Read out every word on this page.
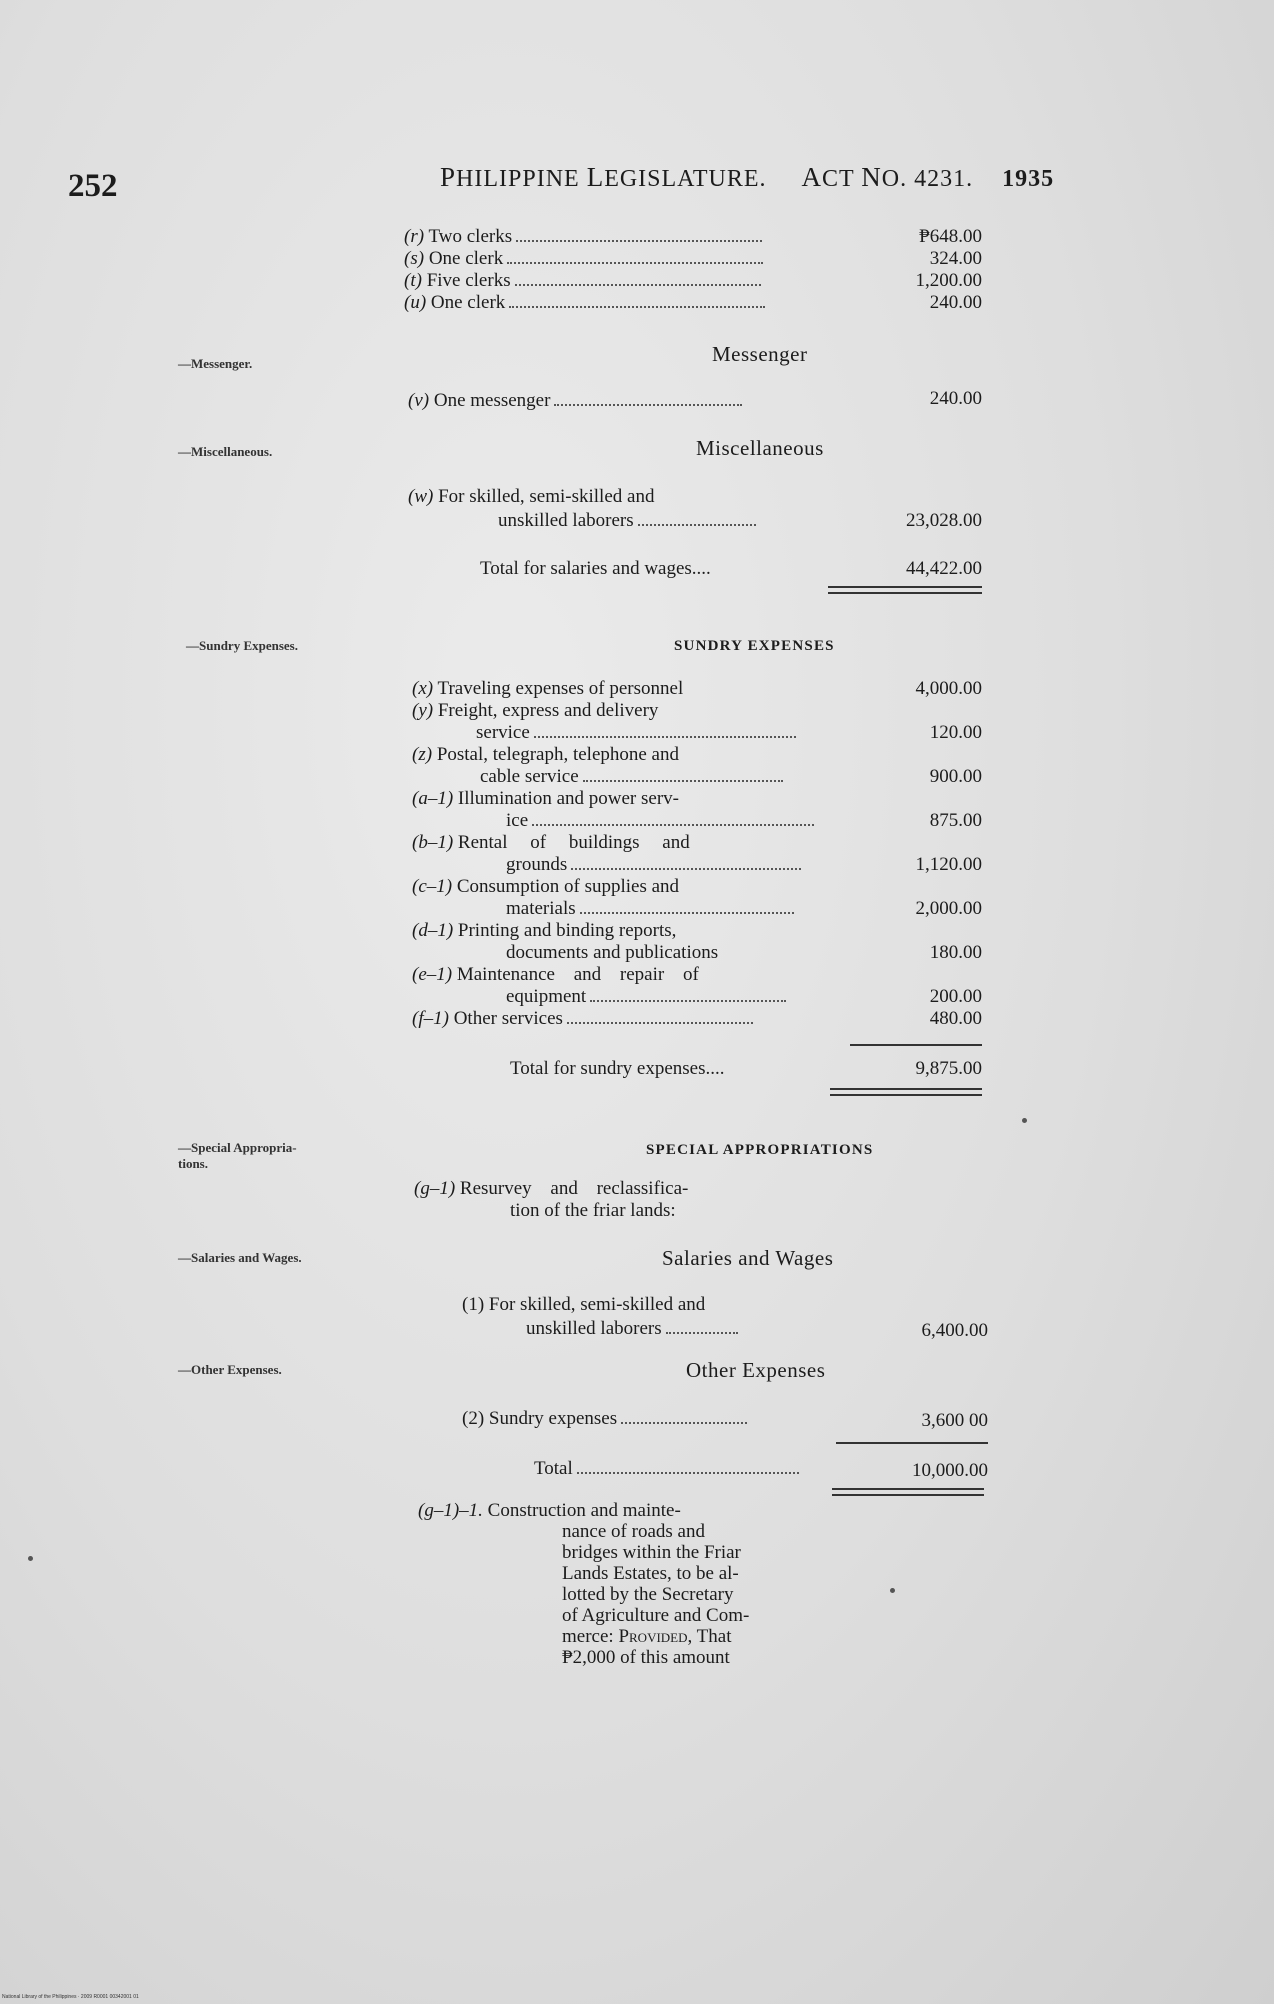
252	PHILIPPINE LEGISLATURE. ACT NO. 4231. 1935
(r) Two clerks	₱648.00
(s) One clerk	324.00
(t) Five clerks	1,200.00
(u) One clerk	240.00
—Messenger.	Messenger
(v) One messenger	240.00
—Miscellaneous.	Miscellaneous
(w) For skilled, semi-skilled and
unskilled laborers	23,028.00
Total for salaries and wages....	44,422.00
—Sundry Expenses.	SUNDRY EXPENSES
(x) Traveling expenses of personnel	4,000.00
(y) Freight, express and delivery
service	120.00
(z) Postal, telegraph, telephone and
cable service	900.00
(a–1) Illumination and power serv-
ice	875.00
(b–1) Rental of buildings and
grounds	1,120.00
(c–1) Consumption of supplies and
materials	2,000.00
(d–1) Printing and binding reports,
documents and publications	180.00
(e–1) Maintenance and repair of
equipment	200.00
(f–1) Other services	480.00
Total for sundry expenses....	9,875.00
—Special Appropria-
tions.
SPECIAL APPROPRIATIONS
(g–1) Resurvey and reclassifica-
tion of the friar lands:
—Salaries and Wages.	Salaries and Wages
(1) For skilled, semi-skilled and
unskilled laborers	6,400.00
—Other Expenses.	Other Expenses
(2) Sundry expenses	3,600 00
Total	10,000.00
(g–1)–1. Construction and mainte-
nance of roads and
bridges within the Friar
Lands Estates, to be al-
lotted by the Secretary
of Agriculture and Com-
merce: Provided, That
₱2,000 of this amount
National Library of the Philippines · 2009 R0001 00342001 01
